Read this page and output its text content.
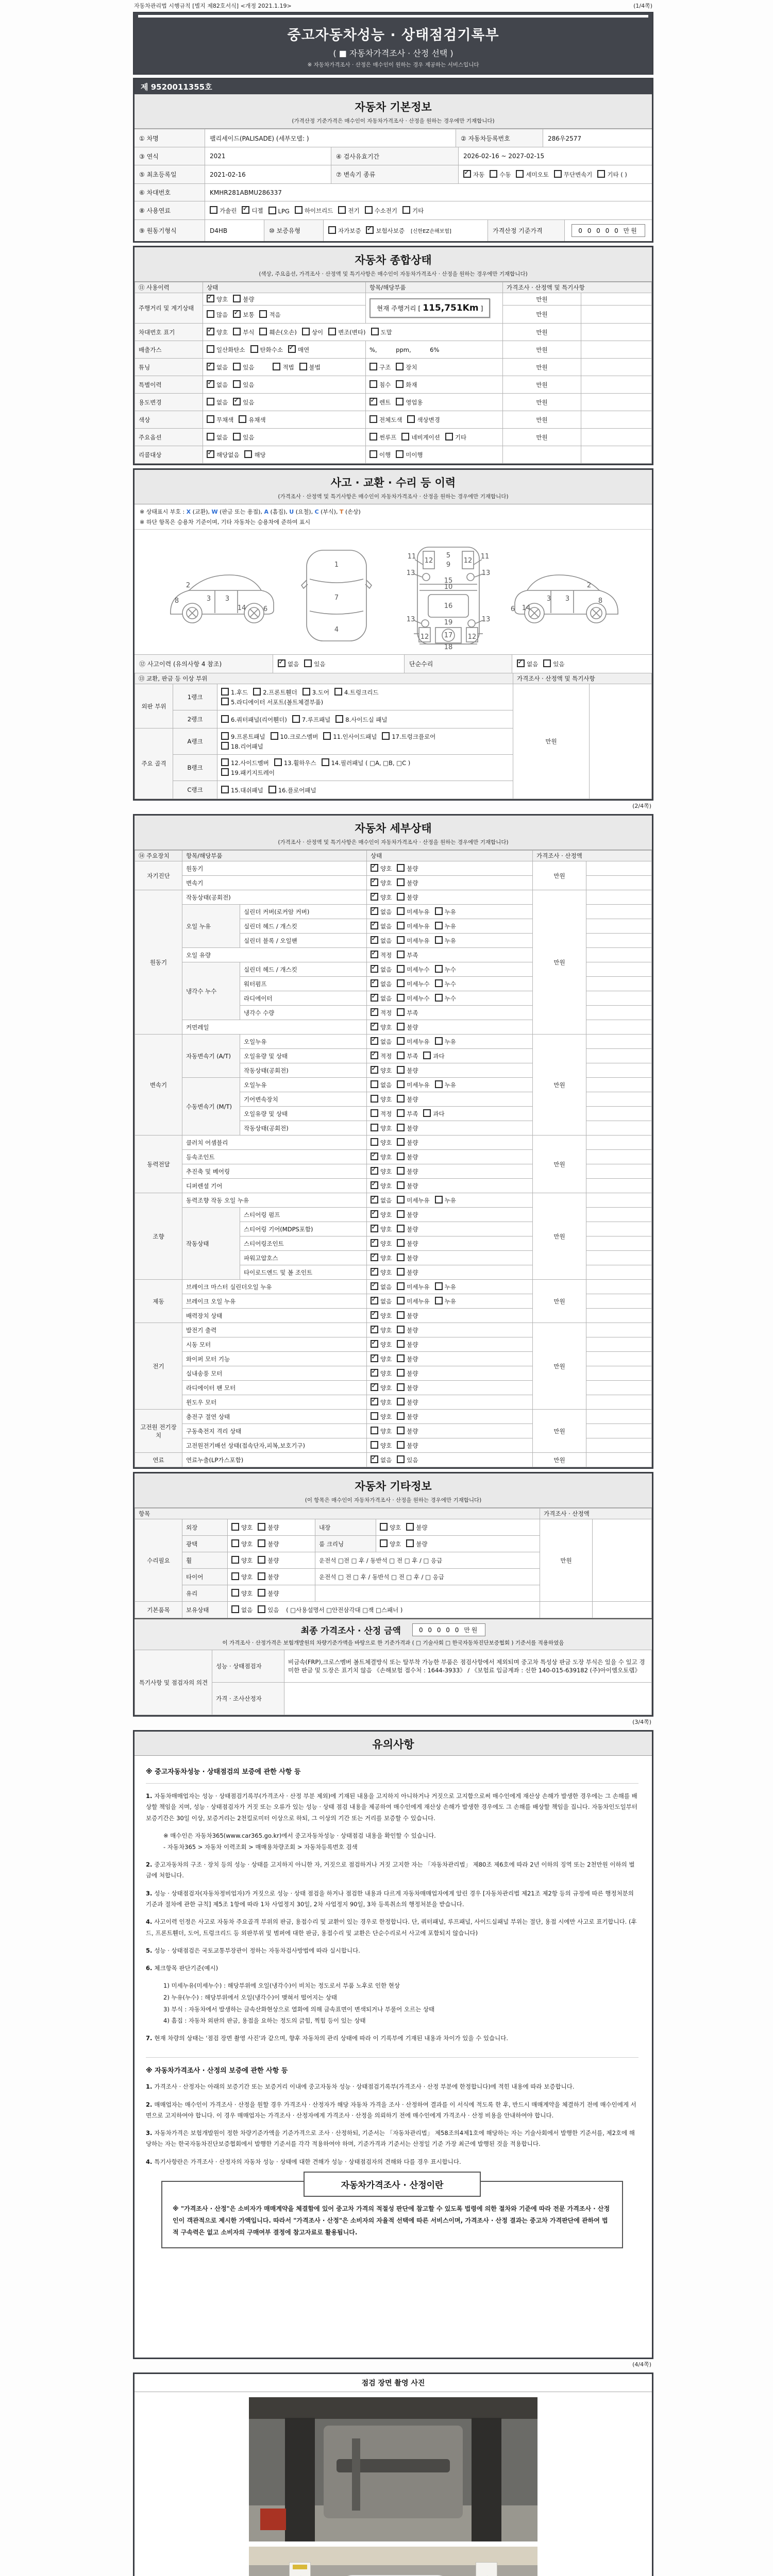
자동차관리법 시행규칙 [별지 제82호서식] <개정 2021.1.19>	(1/4쪽)
중고자동차성능 · 상태점검기록부
( ■ 자동차가격조사 · 산정 선택 )
※ 자동차가격조사 · 산정은 매수인이 원하는 경우 제공하는 서비스입니다
제 9520011355호
자동차 기본정보
(가격산정 기준가격은 매수인이 자동차가격조사 · 산정을 원하는 경우에만 기재합니다)
① 차명	팰리세이드(PALISADE) (세부모델: )	② 자동차등록번호	286우2577
③ 연식	2021	④ 검사유효기간	2026-02-16 ~ 2027-02-15
⑤ 최초등록일	2021-02-16	⑦ 변속기 종류 ✓	자동	수동	세미오토	무단변속기	기타 ( )
⑥ 차대번호	KMHR281ABMU286337
⑧ 사용연료	가솔린 ✓	디젤	LPG	하이브리드	전기	수소전기	기타
⑨ 원동기형식	D4HB	⑩ 보증유형	자가보증 ✓	보험사보증	[신한EZ손해보험]	가격산정 기준가격	0 0 0 0 0 만원
자동차 종합상태
(색상, 주요옵션, 가격조사 · 산정액 및 특기사항은 매수인이 자동차가격조사 · 산정을 원하는 경우에만 기재합니다)
⑪ 사용이력	상태	항목/해당부품	가격조사 · 산정액 및 특기사항	
주행거리 및 계기상태	✓양호 불량	현재 주행거리 [ 115,751Km ]	만원	
	많음 ✓ 보통 적음		만원	
차대번호 표기	✓양호 부식 훼손(오손) 상이 변조(변타) 도말		만원	
배출가스	일산화탄소 탄화수소 ✓ 매연	%,          ppm,          6%	만원	
튜닝	✓없음 있음 적법 불법	구조 장치	만원	
특별이력	✓없음 있음	침수 화재	만원	
용도변경	없음 ✓ 있음	✓렌트 영업용	만원	
색상	무채색 유채색	전체도색 색상변경	만원	
주요옵션	없음 있음	썬루프 네비게이션 기타	만원	
리콜대상	✓해당없음 해당	이행 미이행		
사고 · 교환 · 수리 등 이력
(가격조사 · 산정액 및 특기사항은 매수인이 자동차가격조사 · 산정을 원하는 경우에만 기재합니다)
※ 상태표시 부호 : X (교환), W (판금 또는 용접), A (흠집), U (요철), C (부식), T (손상)
※ 하단 항목은 승용차 기준이며, 기타 자동차는 승용차에 준하여 표시
2
8	3 3
14	6
1
7
4
5
9
11	11
13	13
12	12
10
15
16
13	13
19
17
12	12
18
2
8
3 3
14
6
⑫ 사고이력 (유의사항 4 참조) ✓	없음	있음	단순수리 ✓	없음	있음
⑬ 교환, 판금 등 이상 부위			가격조사 · 산정액 및 특기사항	
외판 부위	1랭크	1.후드 2.프론트휀더 3.도어 4.트렁크리드
5.라디에이터 서포트(볼트체결부품)	만원	
	2랭크	6.쿼터패널(리어휀더) 7.루프패널 8.사이드실 패널		
주요 골격	A랭크	9.프론트패널 10.크로스멤버 11.인사이드패널 17.트렁크플로어
18.리어패널		
	B랭크	12.사이드멤버 13.휠하우스 14.필러패널 ( □A, □B, □C )
19.패키지트레이		
	C랭크	15.대쉬패널 16.플로어패널		
(2/4쪽)
자동차 세부상태
(가격조사 · 산정액 및 특기사항은 매수인이 자동차가격조사 · 산정을 원하는 경우에만 기재합니다)
⑭ 주요장치	항목/해당부품		상태	가격조사 · 산정액	
자기진단	원동기	✓양호 불량	만원	
	변속기	✓양호 불량	
원동기	작동상태(공회전)	✓양호 불량	만원	
	오일 누유	실린더 커버(로커암 커버)	✓없음 미세누유 누유	
		실린더 헤드 / 개스킷	✓없음 미세누유 누유	
		실린더 블록 / 오일팬	✓없음 미세누유 누유	
	오일 유량	✓적정 부족	
	냉각수 누수	실린더 헤드 / 개스킷	✓없음 미세누수 누수	
		워터펌프	✓없음 미세누수 누수	
		라디에이터	✓없음 미세누수 누수	
		냉각수 수량	✓적정 부족	
	커먼레일	✓양호 불량	
변속기	자동변속기 (A/T)	오일누유	✓없음 미세누유 누유	만원	
		오일유량 및 상태	✓적정 부족 과다	
		작동상태(공회전)	✓양호 불량	
	수동변속기 (M/T)	오일누유	없음 미세누유 누유		
		기어변속장치	양호 불량		
		오일유량 및 상태	적정 부족 과다		
		작동상태(공회전)	양호 불량		
동력전달	클러치 어셈블리		양호 불량	만원	
	등속조인트	✓양호 불량	
	추진축 및 베어링	✓양호 불량	
	디퍼렌셜 기어	✓양호 불량	
조향	동력조향 작동 오일 누유	✓없음 미세누유 누유	만원	
	작동상태	스티어링 펌프	✓양호 불량	
		스티어링 기어(MDPS포함)	✓양호 불량	
		스티어링조인트	✓양호 불량	
		파워고압호스	✓양호 불량	
		타이로드엔드 및 볼 조인트	✓양호 불량	
제동	브레이크 마스터 실린더오일 누유	✓없음 미세누유 누유	만원	
	브레이크 오일 누유	✓없음 미세누유 누유	
	배력장치 상태	✓양호 불량	
전기	발전기 출력	✓양호 불량	만원	
	시동 모터	✓양호 불량	
	와이퍼 모터 기능	✓양호 불량	
	실내송풍 모터	✓양호 불량	
	라디에이터 팬 모터	✓양호 불량	
	윈도우 모터	✓양호 불량	
고전원 전기장치	충전구 절연 상태		양호 불량	만원	
	구동축전지 격리 상태		양호 불량		
	고전원전기배선 상태(접속단자,피복,보호기구)		양호 불량		
연료	연료누출(LP가스포함)	✓없음 있음	만원	
자동차 기타정보
(이 항목은 매수인이 자동차가격조사 · 산정을 원하는 경우에만 기재합니다)
항목					가격조사 · 산정액	
수리필요	외장	양호 불량	내장	양호 불량	만원	
	광택	양호 불량	룸 크리닝	양호 불량		
	휠	양호 불량	운전석 □전 □ 후 / 동반석 □ 전 □ 후 / □ 응급			
	타이어	양호 불량	운전석 □ 전 □ 후 / 동반석 □ 전 □ 후 / □ 응급			
	유리	양호 불량				
기본품목	보유상태	없음 있음 ( □사용설명서 □안전삼각대 □잭 □스패너 )				
최종 가격조사 · 산정 금액	0 0 0 0 0 만원
이 가격조사 · 산정가격은 보험개발원의 차량기준가액을 바탕으로 한 기준가격과 ( □ 기술사회 □ 한국자동차진단보증협회 ) 기준서를 적용하였음
특기사항 및 점검자의 의견	성능 · 상태점검자	비금속(FRP),크로스멤버 볼트체결방식 또는 탈부착 가능한 부품은 점검사항에서 제외되며 중고차 특성상 판금 도장 부식은 있을 수 있고 경미한 판금 및 도장은 표기치 않음 《손해보험 접수처 : 1644-3933》 / 《보험료 입금계좌 : 신한 140-015-639182 (주)아이엠오토랩》
	가격 · 조사산정자	
(3/4쪽)
유의사항
※ 중고자동차성능 · 상태점검의 보증에 관한 사항 등

1. 자동차매매업자는 성능 · 상태점검기록부(가격조사 · 산정 부분 제외)에 기재된 내용을 고지하지 아니하거나 거짓으로 고지함으로써 매수인에게 재산상 손해가 발생한 경우에는 그 손해를 배상할 책임을 지며, 성능 · 상태점검자가 거짓 또는 오류가 있는 성능 · 상태 점검 내용을 제공하여 매수인에게 재산상 손해가 발생한 경우에도 그 손해를 배상할 책임을 집니다. 자동차인도일부터 보증기간은 30일 이상, 보증거리는 2천킬로미터 이상으로 하되, 그 이상의 기간 또는 거리를 보증할 수 있습니다.

※ 매수인은 자동차365(www.car365.go.kr)에서 중고자동차성능 · 상태점검 내용을 확인할 수 있습니다.

- 자동차365 > 자동차 이력조회 > 매매용차량조회 > 자동차등록번호 검색

2. 중고자동차의 구조 · 장치 등의 성능 · 상태를 고지하지 아니한 자, 거짓으로 점검하거나 거짓 고지한 자는 「자동차관리법」 제80조 제6호에 따라 2년 이하의 징역 또는 2천만원 이하의 벌금에 처합니다.

3. 성능 · 상태점검자(자동차정비업자)가 거짓으로 성능 · 상태 점검을 하거나 점검한 내용과 다르게 자동차매매업자에게 알린 경우 [자동차관리법 제21조 제2항 등의 규정에 따른 행정처분의 기준과 절차에 관한 규칙] 제5조 1항에 따라 1차 사업정지 30일, 2차 사업정지 90일, 3차 등록취소의 행정처분을 받습니다.

4. 사고이력 인정은 사고로 자동차 주요골격 부위의 판금, 용접수리 및 교환이 있는 경우로 한정합니다. 단, 쿼터패널, 루프패널, 사이드실패널 부위는 절단, 용접 시에만 사고로 표기합니다. (후드, 프론트휀더, 도어, 트렁크리드 등 외판부위 및 범퍼에 대한 판금, 용접수리 및 교환은 단순수리로서 사고에 포함되지 않습니다)

5. 성능 · 상태점검은 국토교통부장관이 정하는 자동차검사방법에 따라 실시합니다.

6. 체크항목 판단기준(예시)

1) 미세누유(미세누수) : 해당부위에 오일(냉각수)이 비치는 정도로서 부품 노후로 인한 현상

2) 누유(누수) : 해당부위에서 오일(냉각수)이 맺혀서 떨어지는 상태

3) 부식 : 자동차에서 발생하는 금속산화현상으로 열화에 의해 금속표면이 변색되거나 부풀어 오르는 상태

4) 흠집 : 자동차 외판의 판금, 용접을 요하는 정도의 긁힘, 찍힘 등이 있는 상태

7. 현재 차량의 상태는 '점검 장면 촬영 사진'과 같으며, 향후 자동차의 관리 상태에 따라 이 기록부에 기재된 내용과 차이가 있을 수 있습니다.

※ 자동차가격조사 · 산정의 보증에 관한 사항 등

1. 가격조사 · 산정자는 아래의 보증기간 또는 보증거리 이내에 중고자동차 성능 · 상태점검기록부(가격조사 · 산정 부분에 한정합니다)에 적힌 내용에 따라 보증합니다.

2. 매매업자는 매수인이 가격조사 · 산정을 원할 경우 가격조사 · 산정자가 해당 자동차 가격을 조사 · 산정하여 결과를 이 서식에 적도록 한 후, 반드시 매매계약을 체결하기 전에 매수인에게 서면으로 고지하여야 합니다. 이 경우 매매업자는 가격조사 · 산정자에게 가격조사 · 산정을 의뢰하기 전에 매수인에게 가격조사 · 산정 비용을 안내하여야 합니다.

3. 자동차가격은 보험개발원이 정한 차량기준가액을 기준가격으로 조사 · 산정하되, 기준서는 「자동차관리법」 제58조의4제1호에 해당하는 자는 기술사회에서 발행한 기준서를, 제2호에 해당하는 자는 한국자동차진단보증협회에서 발행한 기준서를 각각 적용하여야 하며, 기준가격과 기준서는 산정일 기준 가장 최근에 발행된 것을 적용합니다.

4. 특기사항란은 가격조사 · 산정자의 자동차 성능 · 상태에 대한 견해가 성능 · 상태점검자의 견해와 다를 경우 표시합니다.

자동차가격조사 · 산정이란
※ "가격조사 · 산정"은 소비자가 매매계약을 체결함에 있어 중고차 가격의 적절성 판단에 참고할 수 있도록 법령에 의한 절차와 기준에 따라 전문 가격조사 · 산정인이 객관적으로 제시한 가액입니다. 따라서 "가격조사 · 산정"은 소비자의 자율적 선택에 따른 서비스이며, 가격조사 · 산정 결과는 중고차 가격판단에 관하여 법적 구속력은 없고 소비자의 구매여부 결정에 참고자료로 활용됩니다.
(4/4쪽)
점검 장면 촬영 사진
